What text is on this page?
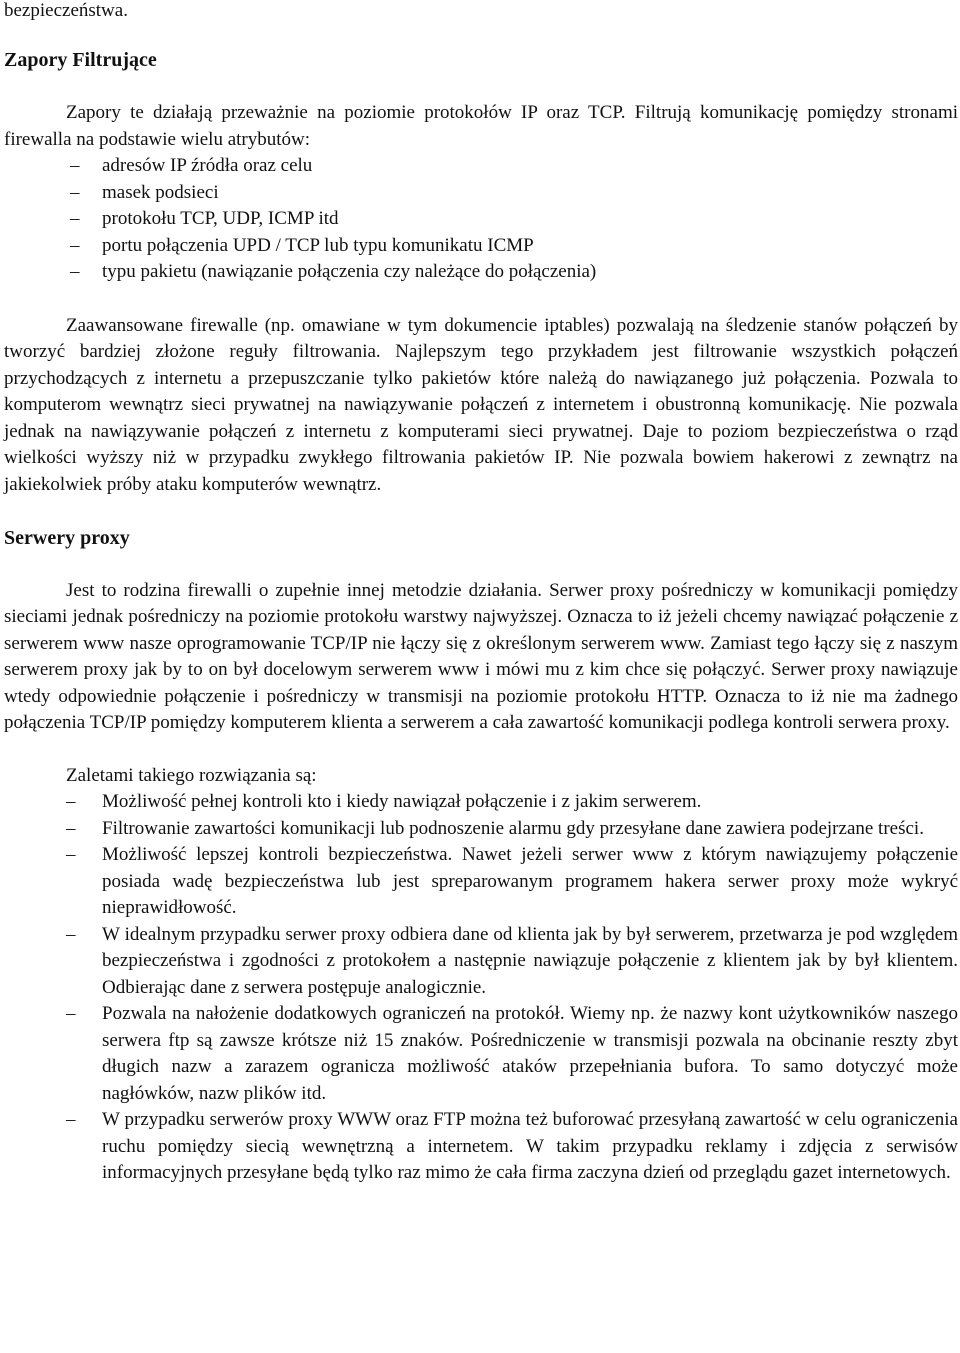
bezpieczeństwa.
Zapory Filtrujące

Zapory te działają przeważnie na poziomie protokołów IP oraz TCP. Filtrują komunikację pomiędzy stronami firewalla na podstawie wielu atrybutów:

– adresów IP źródła oraz celu
– masek podsieci
– protokołu TCP, UDP, ICMP itd
– portu połączenia UPD / TCP lub typu komunikatu ICMP
– typu pakietu (nawiązanie połączenia czy należące do połączenia)

Zaawansowane firewalle (np. omawiane w tym dokumencie iptables) pozwalają na śledzenie stanów połączeń by tworzyć bardziej złożone reguły filtrowania. Najlepszym tego przykładem jest filtrowanie wszystkich połączeń przychodzących z internetu a przepuszczanie tylko pakietów które należą do nawiązanego już połączenia. Pozwala to komputerom wewnątrz sieci prywatnej na nawiązywanie połączeń z internetem i obustronną komunikację. Nie pozwala jednak na nawiązywanie połączeń z internetu z komputerami sieci prywatnej. Daje to poziom bezpieczeństwa o rząd wielkości wyższy niż w przypadku zwykłego filtrowania pakietów IP. Nie pozwala bowiem hakerowi z zewnątrz na jakiekolwiek próby ataku komputerów wewnątrz.

Serwery proxy

Jest to rodzina firewalli o zupełnie innej metodzie działania. Serwer proxy pośredniczy w komunikacji pomiędzy sieciami jednak pośredniczy na poziomie protokołu warstwy najwyższej. Oznacza to iż jeżeli chcemy nawiązać połączenie z serwerem www nasze oprogramowanie TCP/IP nie łączy się z określonym serwerem www. Zamiast tego łączy się z naszym serwerem proxy jak by to on był docelowym serwerem www i mówi mu z kim chce się połączyć. Serwer proxy nawiązuje wtedy odpowiednie połączenie i pośredniczy w transmisji na poziomie protokołu HTTP. Oznacza to iż nie ma żadnego połączenia TCP/IP pomiędzy komputerem klienta a serwerem a cała zawartość komunikacji podlega kontroli serwera proxy.

Zaletami takiego rozwiązania są:

– Możliwość pełnej kontroli kto i kiedy nawiązał połączenie i z jakim serwerem.
– Filtrowanie zawartości komunikacji lub podnoszenie alarmu gdy przesyłane dane zawiera podejrzane treści.
– Możliwość lepszej kontroli bezpieczeństwa. Nawet jeżeli serwer www z którym nawiązujemy połączenie posiada wadę bezpieczeństwa lub jest spreparowanym programem hakera serwer proxy może wykryć nieprawidłowość.
– W idealnym przypadku serwer proxy odbiera dane od klienta jak by był serwerem, przetwarza je pod względem bezpieczeństwa i zgodności z protokołem a następnie nawiązuje połączenie z klientem jak by był klientem. Odbierając dane z serwera postępuje analogicznie.
– Pozwala na nałożenie dodatkowych ograniczeń na protokół. Wiemy np. że nazwy kont użytkowników naszego serwera ftp są zawsze krótsze niż 15 znaków. Pośredniczenie w transmisji pozwala na obcinanie reszty zbyt długich nazw a zarazem ogranicza możliwość ataków przepełniania bufora. To samo dotyczyć może nagłówków, nazw plików itd.
– W przypadku serwerów proxy WWW oraz FTP można też buforować przesyłaną zawartość w celu ograniczenia ruchu pomiędzy siecią wewnętrzną a internetem. W takim przypadku reklamy i zdjęcia z serwisów informacyjnych przesyłane będą tylko raz mimo że cała firma zaczyna dzień od przeglądu gazet internetowych.
